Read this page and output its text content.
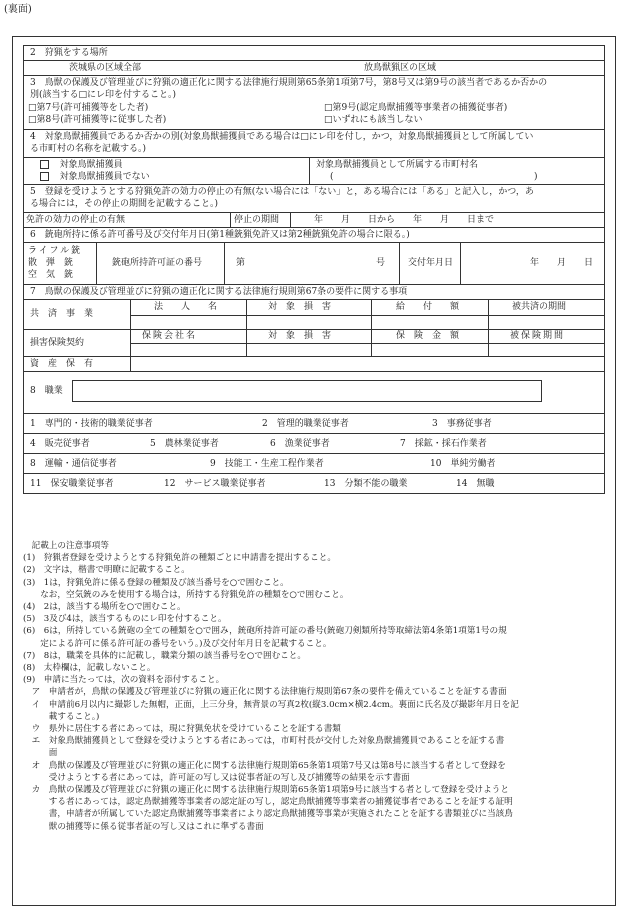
(裏面)
2　狩猟をする場所
茨城県の区域全部	放鳥獣猟区の区域
3　鳥獣の保護及び管理並びに狩猟の適正化に関する法律施行規則第65条第1項第7号，第8号又は第9号の該当者であるか否かの
別(該当する□にレ印を付すること。)
□第7号(許可捕獲等をした者)	□第9号(認定鳥獣捕獲等事業者の捕獲従事者)
□第8号(許可捕獲等に従事した者)	□いずれにも該当しない
4　対象鳥獣捕獲員であるか否かの別(対象鳥獣捕獲員である場合は□にレ印を付し，かつ，対象鳥獣捕獲員として所属してい
る市町村の名称を記載する。)
対象鳥獣捕獲員
対象鳥獣捕獲員でない
対象鳥獣捕獲員として所属する市町村名
(	)
5　登録を受けようとする狩猟免許の効力の停止の有無(ない場合には「ない」と，ある場合には「ある」と記入し，かつ，あ
る場合には，その停止の期間を記載すること。)
免許の効力の停止の有無	停止の期間	年　　月　　日から　　年　　月　　日まで
6　銃砲所持に係る許可番号及び交付年月日(第1種銃猟免許又は第2種銃猟免許の場合に限る。)
ライフル銃
散　弾　銃
空　気　銃
銃砲所持許可証の番号	第	号	交付年月日	年　　月　　日
7　鳥獣の保護及び管理並びに狩猟の適正化に関する法律施行規則第67条の要件に関する事項
共　済　事　業
法　　人　　名	対　象　損　害	給　　付　　額	被共済の期間
損害保険契約
保険会社名	対　象　損　害	保　険　金　額	被保険期間
資　産　保　有
8　職業
1　専門的・技術的職業従事者	2　管理的職業従事者	3　事務従事者
4　販売従事者	5　農林業従事者	6　漁業従事者	7　採鉱・採石作業者
8　運輸・通信従事者	9　技能工・生産工程作業者	10　単純労働者
11　保安職業従事者	12　サービス職業従事者	13　分類不能の職業	14　無職
　記載上の注意事項等
(1)　狩猟者登録を受けようとする狩猟免許の種類ごとに申請書を提出すること。
(2)　文字は，楷書で明瞭に記載すること。
(3)　1は，狩猟免許に係る登録の種類及び該当番号を○で囲むこと。
　　なお，空気銃のみを使用する場合は，所持する狩猟免許の種類を○で囲むこと。
(4)　2は，該当する場所を○で囲むこと。
(5)　3及び4は，該当するものにレ印を付すること。
(6)　6は，所持している銃砲の全ての種類を○で囲み，銃砲所持許可証の番号(銃砲刀剣類所持等取締法第4条第1項第1号の規
　　定による許可に係る許可証の番号をいう。)及び交付年月日を記載すること。
(7)　8は，職業を具体的に記載し，職業分類の該当番号を○で囲むこと。
(8)　太枠欄は，記載しないこと。
(9)　申請に当たっては，次の資料を添付すること。
　ア　申請者が，鳥獣の保護及び管理並びに狩猟の適正化に関する法律施行規則第67条の要件を備えていることを証する書面
　イ　申請前6月以内に撮影した無帽，正面，上三分身，無背景の写真2枚(縦3.0cm×横2.4cm。裏面に氏名及び撮影年月日を記
　　　載すること。)
　ウ　県外に居住する者にあっては，現に狩猟免状を受けていることを証する書類
　エ　対象鳥獣捕獲員として登録を受けようとする者にあっては，市町村長が交付した対象鳥獣捕獲員であることを証する書
　　　面
　オ　鳥獣の保護及び管理並びに狩猟の適正化に関する法律施行規則第65条第1項第7号又は第8号に該当する者として登録を
　　　受けようとする者にあっては，許可証の写し又は従事者証の写し及び捕獲等の結果を示す書面
　カ　鳥獣の保護及び管理並びに狩猟の適正化に関する法律施行規則第65条第1項第9号に該当する者として登録を受けようと
　　　する者にあっては，認定鳥獣捕獲等事業者の認定証の写し，認定鳥獣捕獲等事業者の捕獲従事者であることを証する証明
　　　書，申請者が所属していた認定鳥獣捕獲等事業者により認定鳥獣捕獲等事業が実施されたことを証する書類並びに当該鳥
　　　獣の捕獲等に係る従事者証の写し又はこれに準ずる書面
